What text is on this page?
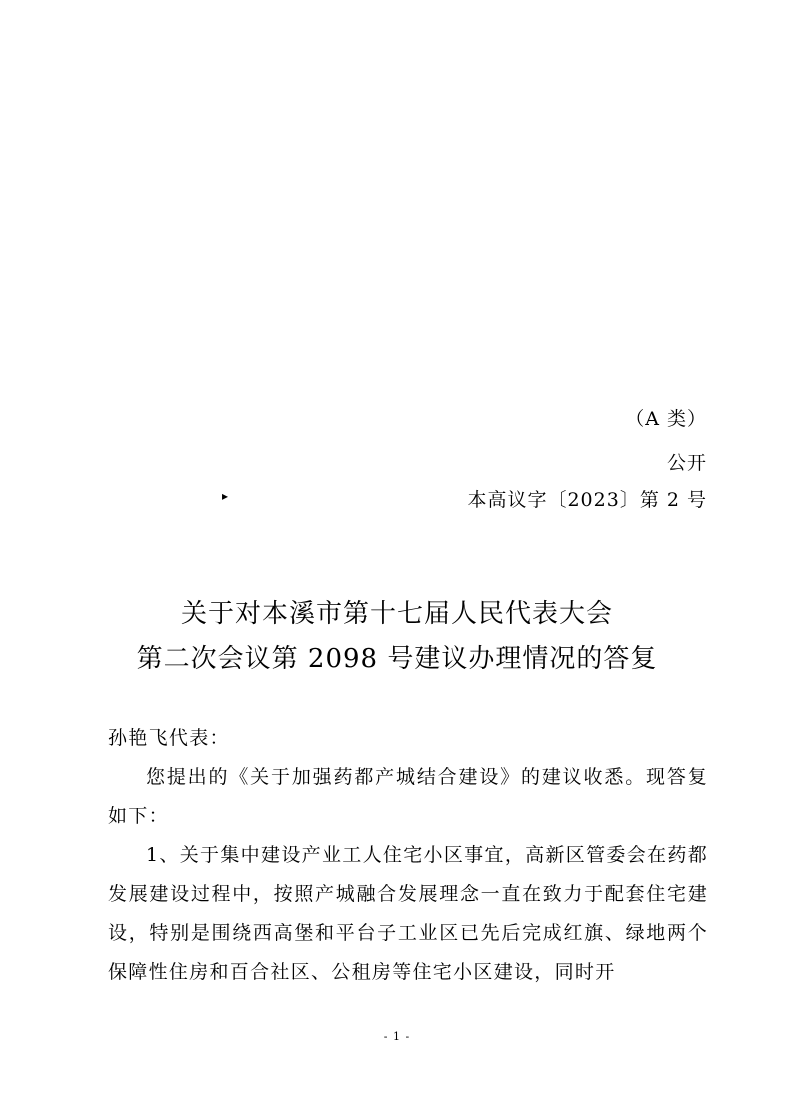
（A 类）
公开
▸	本高议字〔2023〕第 2 号
关于对本溪市第十七届人民代表大会
第二次会议第 2098 号建议办理情况的答复
孙艳飞代表：
您提出的《关于加强药都产城结合建设》的建议收悉。现答复如下：
1、关于集中建设产业工人住宅小区事宜，高新区管委会在药都发展建设过程中，按照产城融合发展理念一直在致力于配套住宅建设，特别是围绕西高堡和平台子工业区已先后完成红旗、绿地两个保障性住房和百合社区、公租房等住宅小区建设，同时开
- 1 -
